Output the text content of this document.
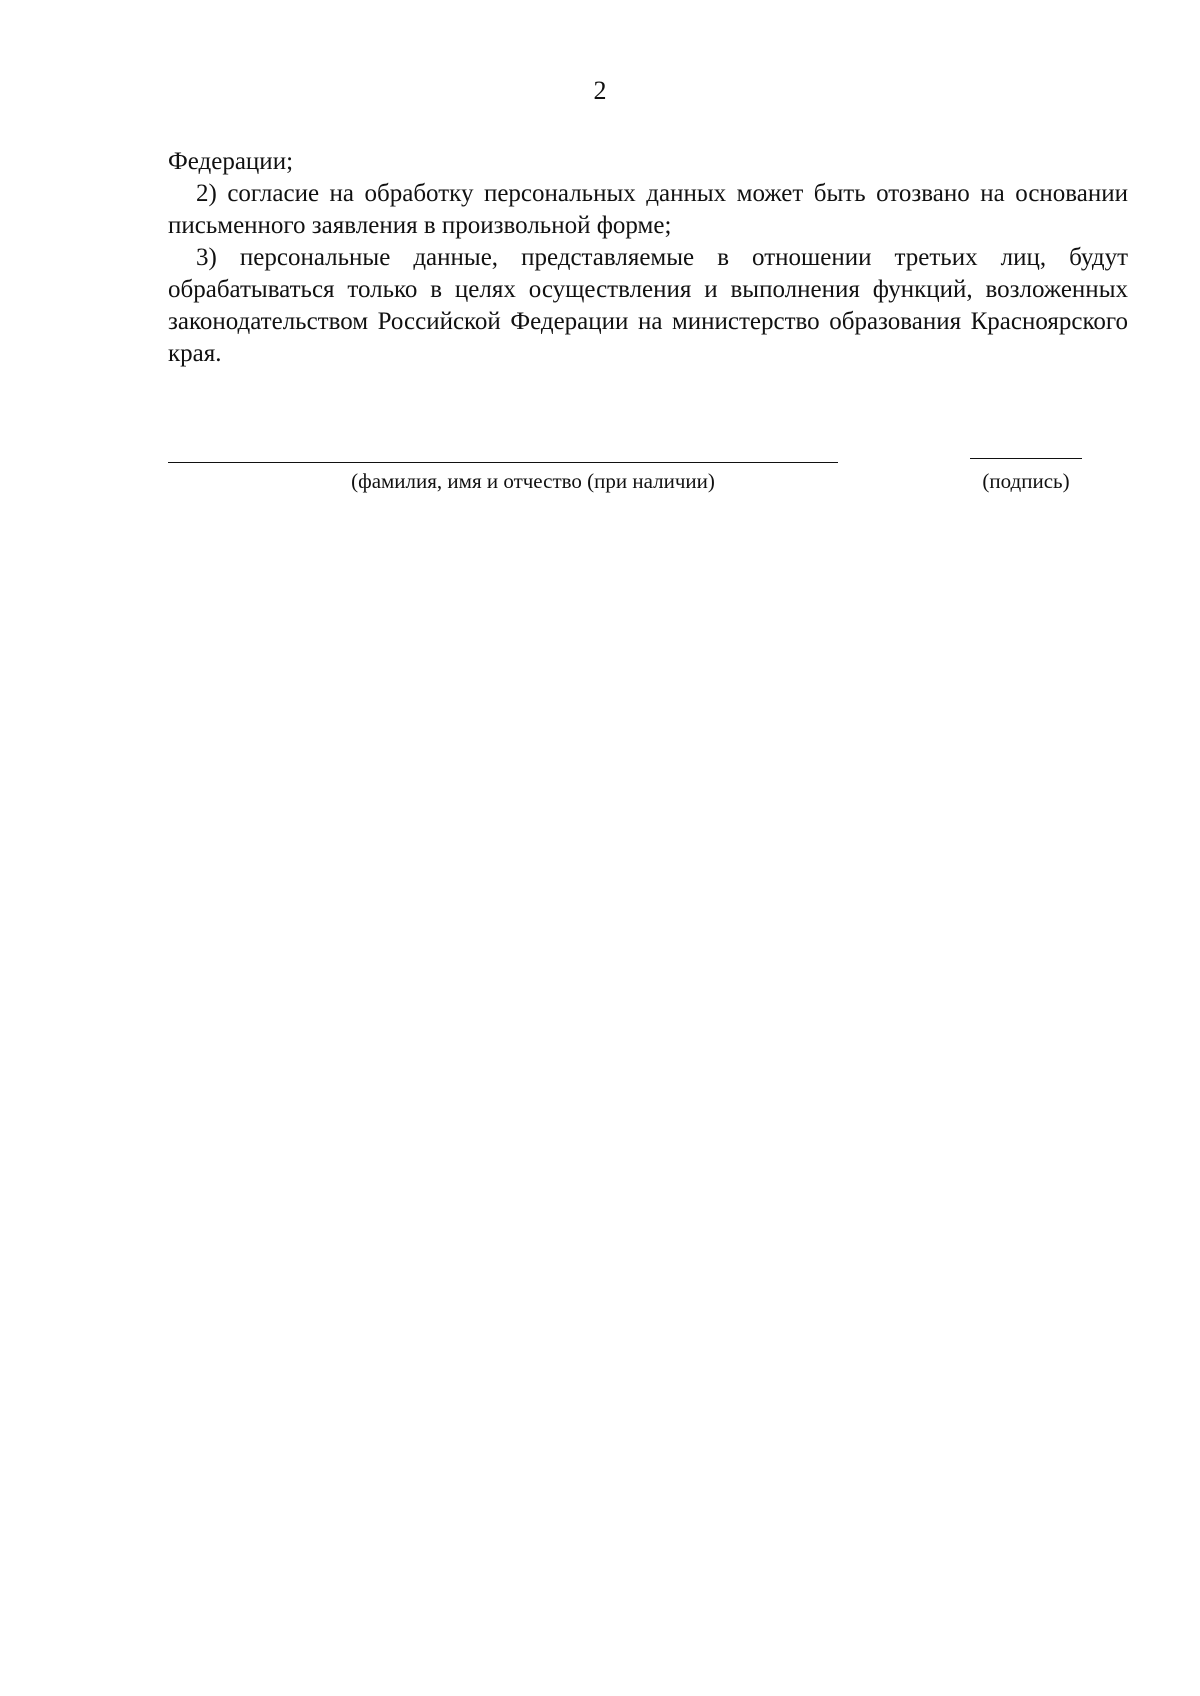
2

Федерации;

2) согласие на обработку персональных данных может быть отозвано на основании письменного заявления в произвольной форме;

3) персональные данные, представляемые в отношении третьих лиц, будут обрабатываться только в целях осуществления и выполнения функций, возложенных законодательством Российской Федерации на министерство образования Красноярского края.

(фамилия, имя и отчество (при наличии)	(подпись)
